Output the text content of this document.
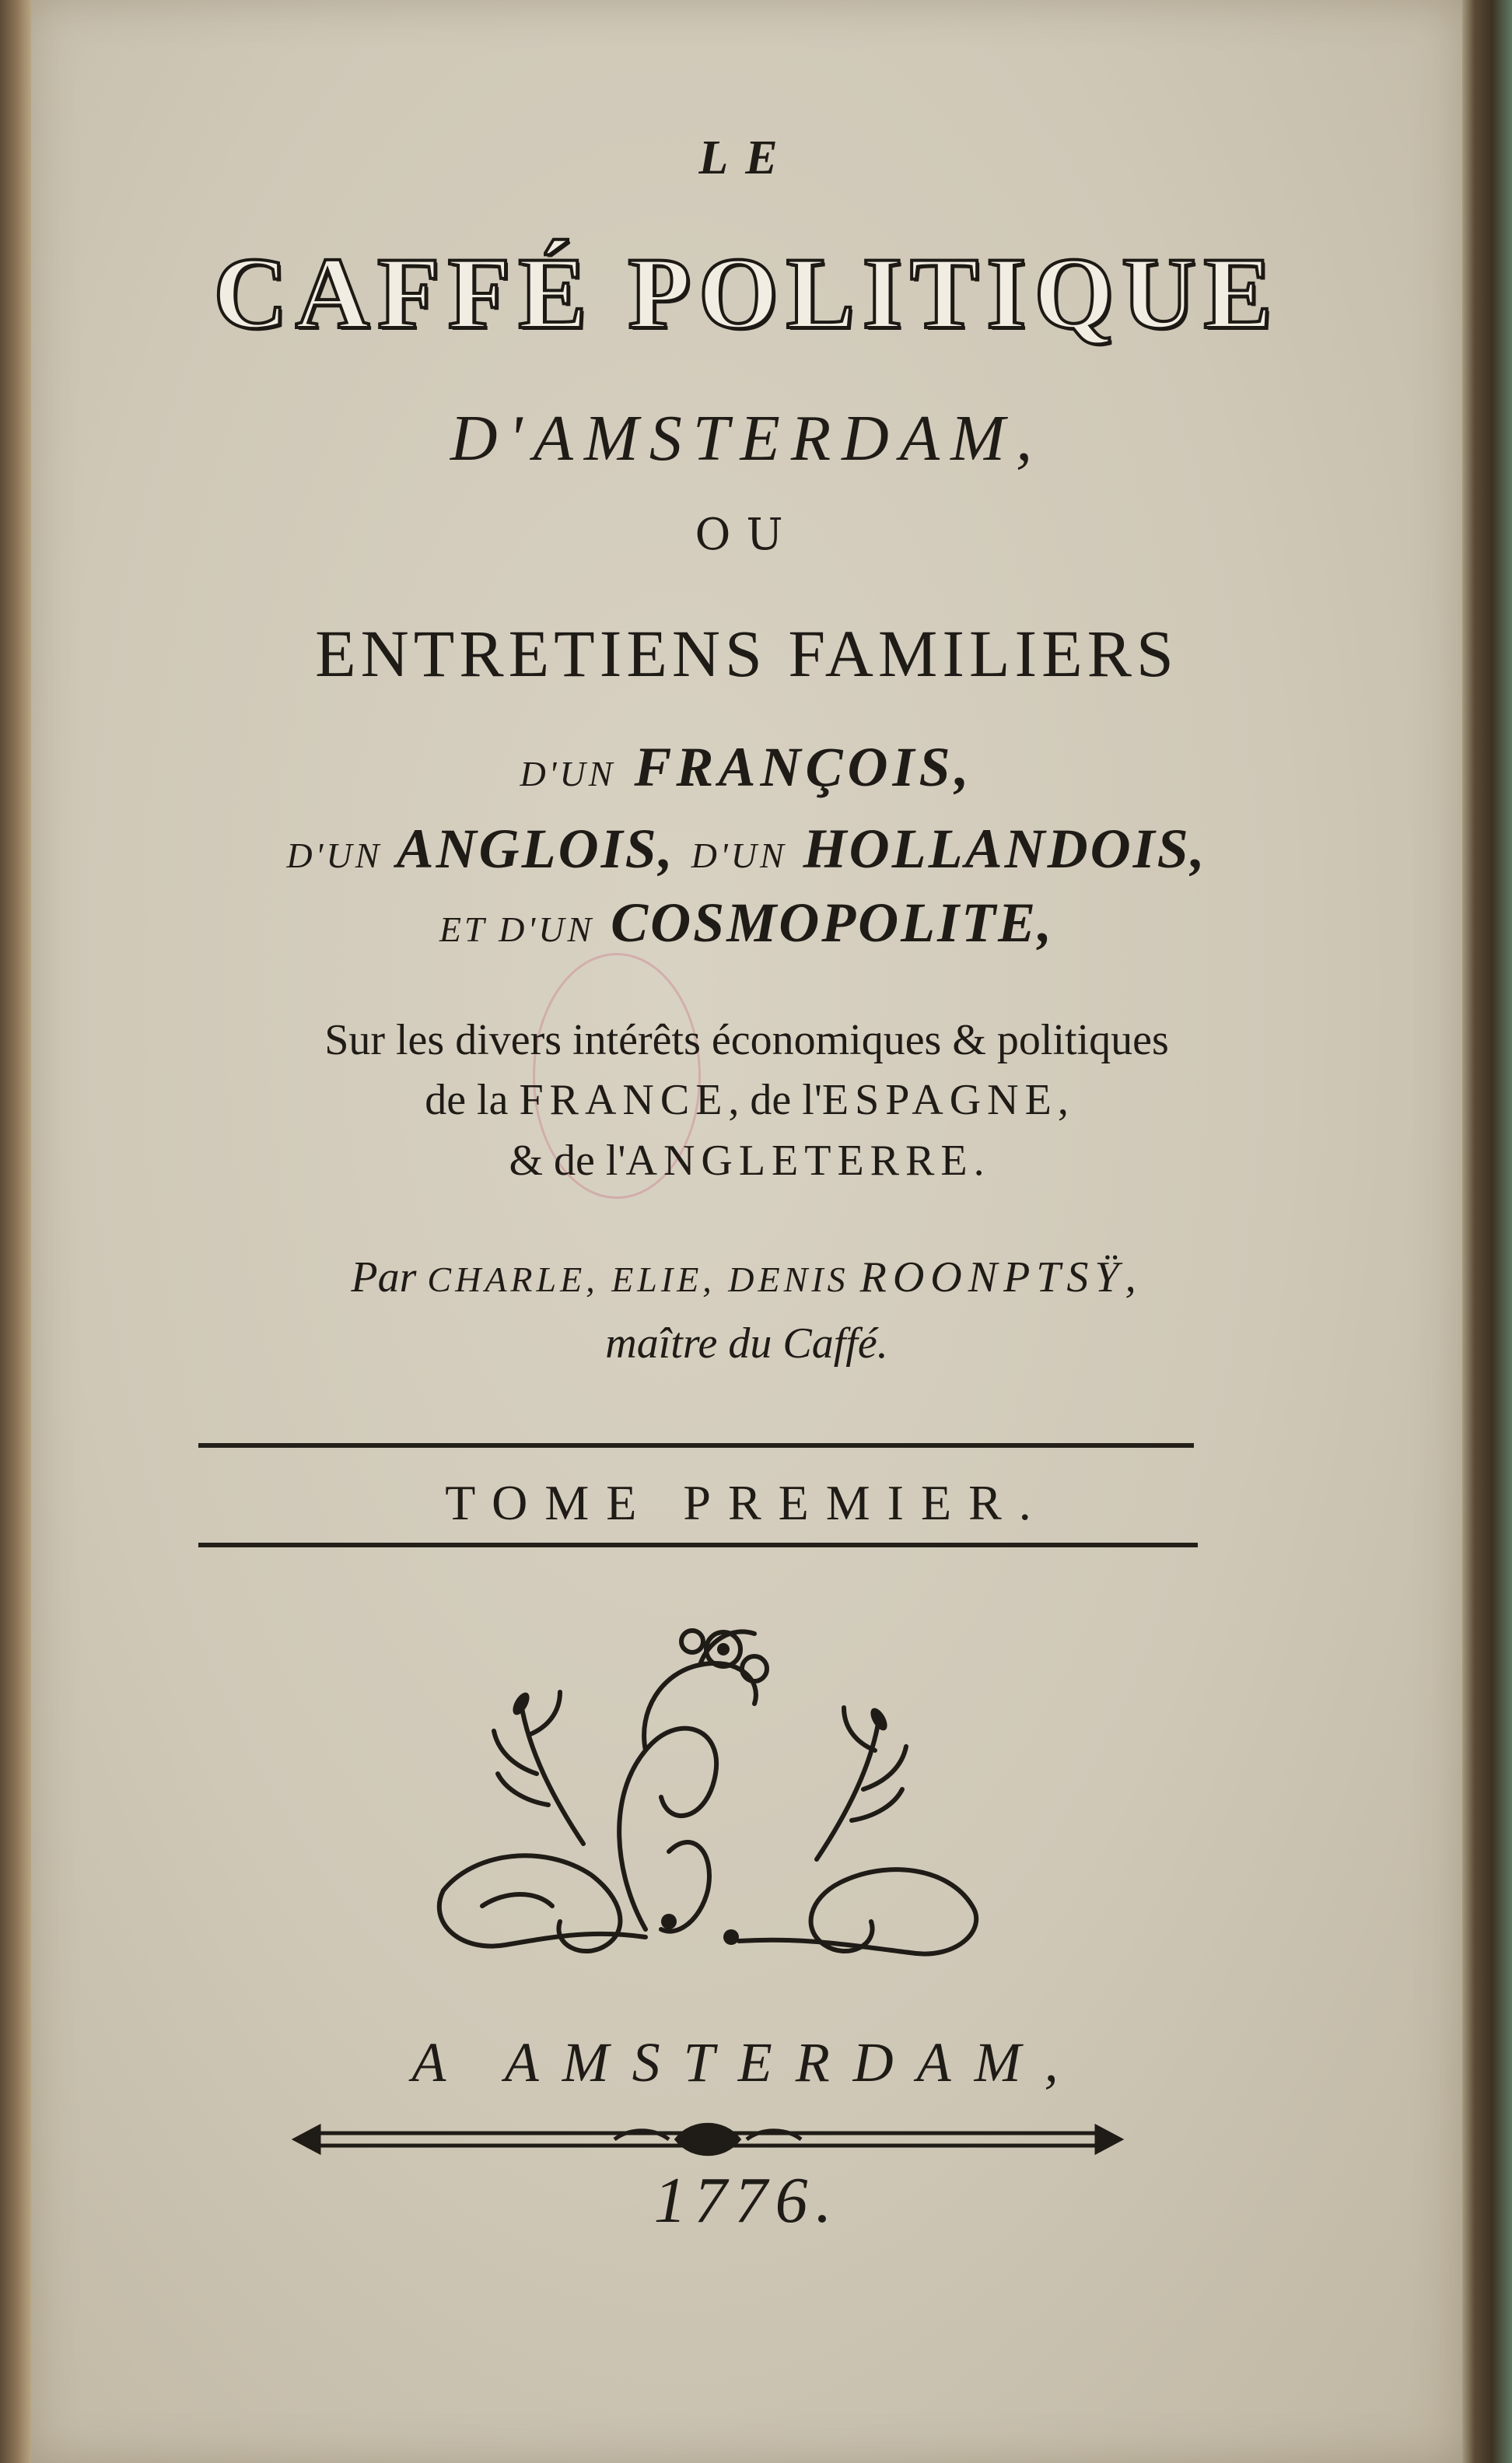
LE
CAFFÉ POLITIQUE
D'AMSTERDAM,
OU
ENTRETIENS FAMILIERS
D'UN FRANÇOIS,
D'UN ANGLOIS, D'UN HOLLANDOIS,
ET D'UN COSMOPOLITE,
Sur les divers intérêts économiques & politiques
de la FRANCE, de l'ESPAGNE,
& de l'ANGLETERRE.
Par CHARLE, ELIE, DENIS ROONPTSŸ,
maître du Caffé.
TOME PREMIER.
A AMSTERDAM,
1776.
